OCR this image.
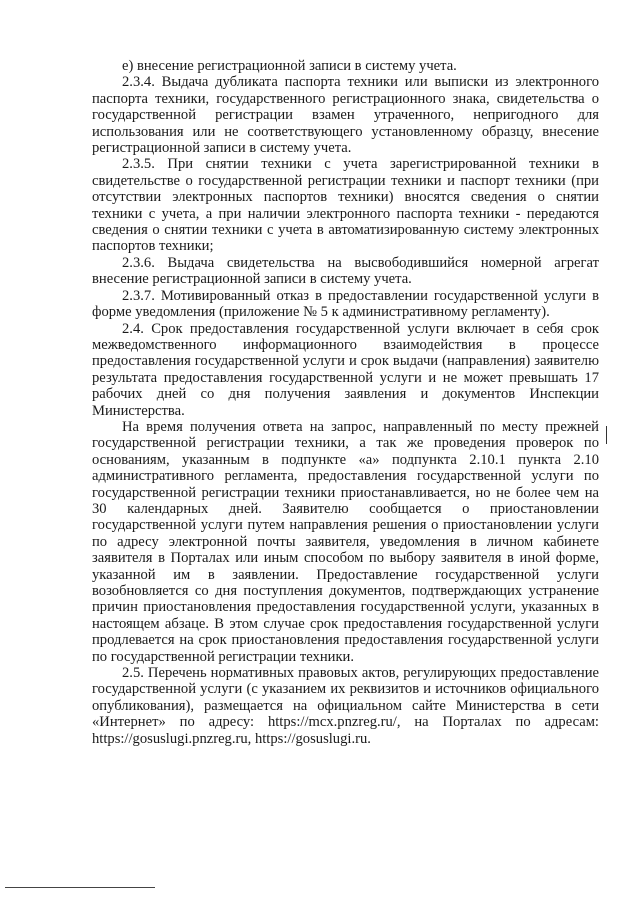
е) внесение регистрационной записи в систему учета.

2.3.4. Выдача дубликата паспорта техники или выписки из электронного паспорта техники, государственного регистрационного знака, свидетельства о государственной регистрации взамен утраченного, непригодного для использования или не соответствующего установленному образцу, внесение регистрационной записи в систему учета.

2.3.5. При снятии техники с учета зарегистрированной техники в свидетельстве о государственной регистрации техники и паспорт техники (при отсутствии электронных паспортов техники) вносятся сведения о снятии техники с учета, а при наличии электронного паспорта техники - передаются сведения о снятии техники с учета в автоматизированную систему электронных паспортов техники;

2.3.6. Выдача свидетельства на высвободившийся номерной агрегат внесение регистрационной записи в систему учета.

2.3.7. Мотивированный отказ в предоставлении государственной услуги в форме уведомления (приложение № 5 к административному регламенту).

2.4. Срок предоставления государственной услуги включает в себя срок межведомственного информационного взаимодействия в процессе предоставления государственной услуги и срок выдачи (направления) заявителю результата предоставления государственной услуги и не может превышать 17 рабочих дней со дня получения заявления и документов Инспекции Министерства.

На время получения ответа на запрос, направленный по месту прежней государственной регистрации техники, а так же проведения проверок по основаниям, указанным в подпункте «а» подпункта 2.10.1 пункта 2.10 административного регламента, предоставления государственной услуги по государственной регистрации техники приостанавливается, но не более чем на 30 календарных дней. Заявителю сообщается о приостановлении государственной услуги путем направления решения о приостановлении услуги по адресу электронной почты заявителя, уведомления в личном кабинете заявителя в Порталах или иным способом по выбору заявителя в иной форме, указанной им в заявлении. Предоставление государственной услуги возобновляется со дня поступления документов, подтверждающих устранение причин приостановления предоставления государственной услуги, указанных в настоящем абзаце. В этом случае срок предоставления государственной услуги продлевается на срок приостановления предоставления государственной услуги по государственной регистрации техники.

2.5. Перечень нормативных правовых актов, регулирующих предоставление государственной услуги (с указанием их реквизитов и источников официального опубликования), размещается на официальном сайте Министерства в сети «Интернет» по адресу: https://mcx.pnzreg.ru/, на Порталах по адресам: https://gosuslugi.pnzreg.ru, https://gosuslugi.ru.
